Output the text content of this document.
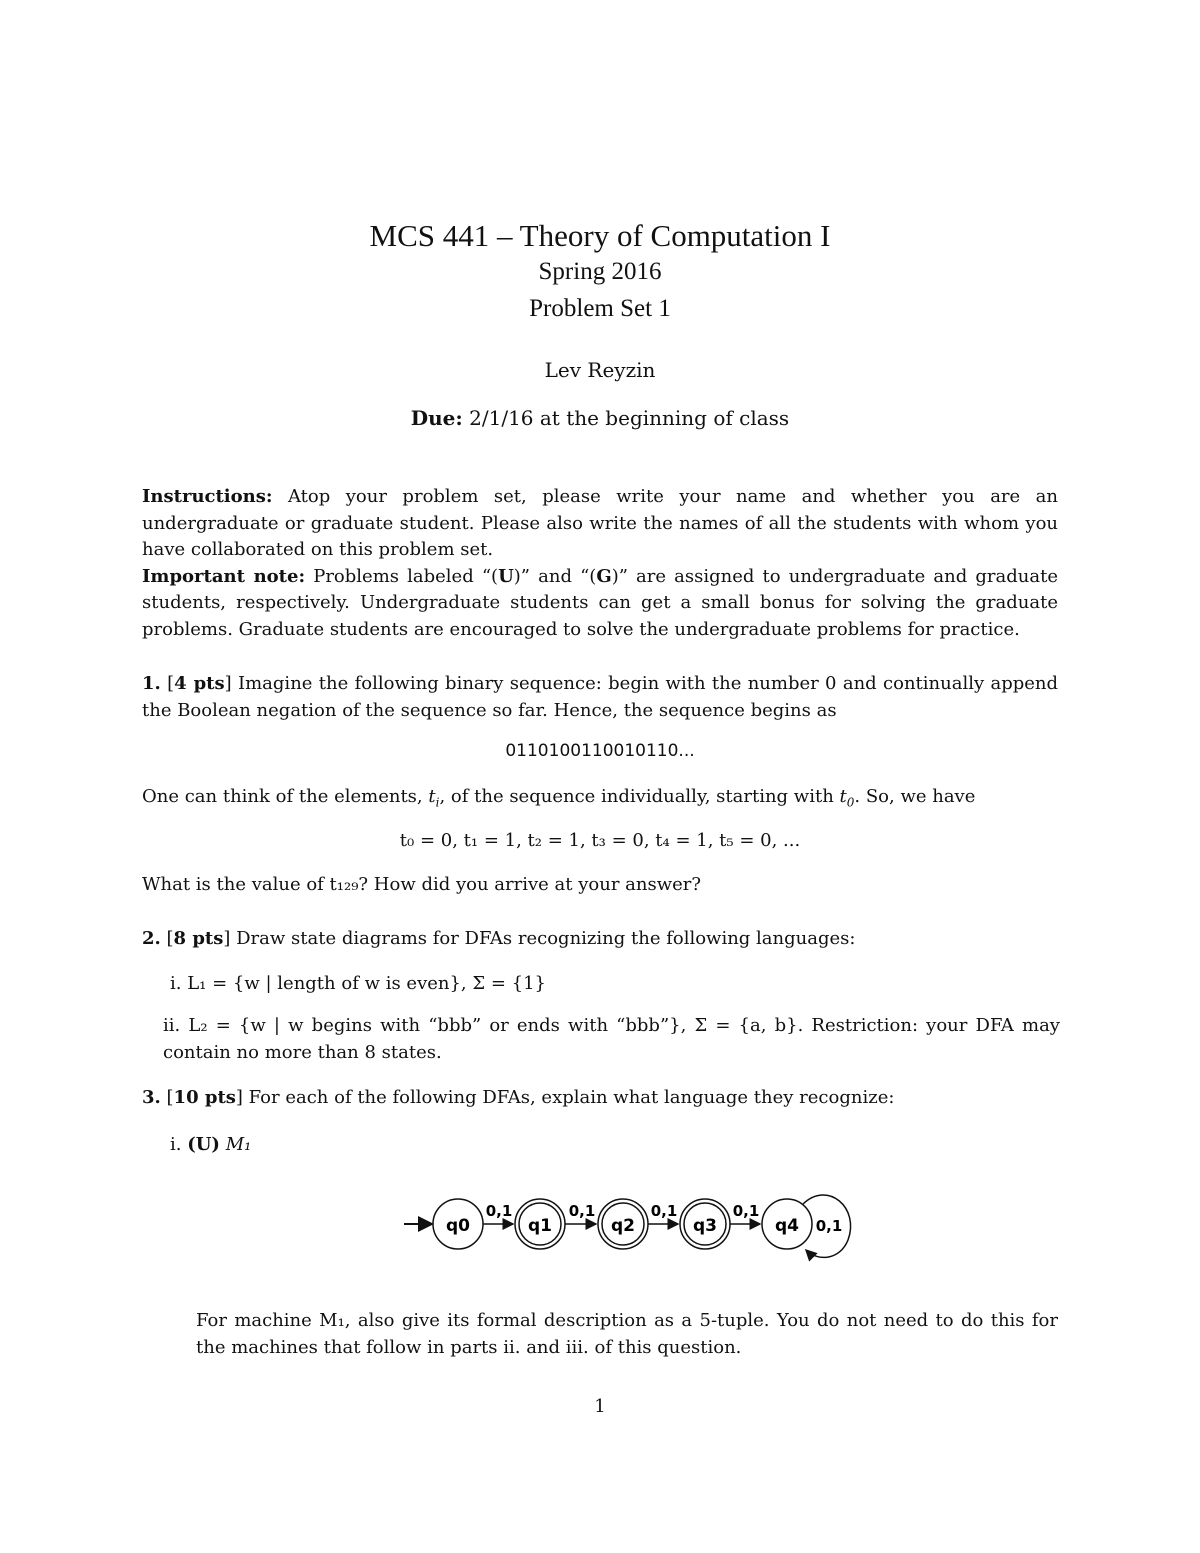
MCS 441 – Theory of Computation I
Spring 2016
Problem Set 1
Lev Reyzin
Due: 2/1/16 at the beginning of class
Instructions: Atop your problem set, please write your name and whether you are an undergraduate or graduate student. Please also write the names of all the students with whom you have collaborated on this problem set.
Important note: Problems labeled “(U)” and “(G)” are assigned to undergraduate and graduate students, respectively. Undergraduate students can get a small bonus for solving the graduate problems. Graduate students are encouraged to solve the undergraduate problems for practice.
1. [4 pts] Imagine the following binary sequence: begin with the number 0 and continually append the Boolean negation of the sequence so far. Hence, the sequence begins as
0110100110010110...
One can think of the elements, $t_i$, of the sequence individually, starting with $t_0$. So, we have
t₀ = 0, t₁ = 1, t₂ = 1, t₃ = 0, t₄ = 1, t₅ = 0, ...
What is the value of t₁₂₉? How did you arrive at your answer?
2. [8 pts] Draw state diagrams for DFAs recognizing the following languages:
i. L₁ = {w | length of w is even}, Σ = {1}
ii. L₂ = {w | w begins with “bbb” or ends with “bbb”}, Σ = {a, b}. Restriction: your DFA may contain no more than 8 states.
3. [10 pts] For each of the following DFAs, explain what language they recognize:
i. (U) M₁
q0	q1	q2	q3	q4
0,1	0,1	0,1	0,1
0,1
For machine M₁, also give its formal description as a 5-tuple. You do not need to do this for the machines that follow in parts ii. and iii. of this question.
1
